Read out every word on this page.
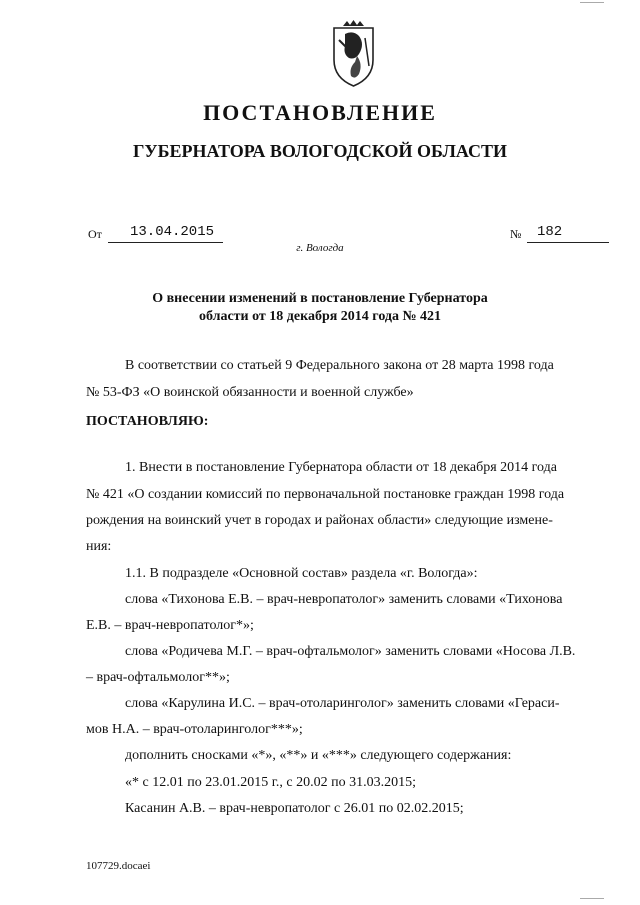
ПОСТАНОВЛЕНИЕ
ГУБЕРНАТОРА ВОЛОГОДСКОЙ ОБЛАСТИ
От 13.04.2015	№ 182
г. Вологда
О внесении изменений в постановление Губернатора
области от 18 декабря 2014 года № 421
В соответствии со статьей 9 Федерального закона от 28 марта 1998 года
№ 53-ФЗ «О воинской обязанности и военной службе»
ПОСТАНОВЛЯЮ:
1. Внести в постановление Губернатора области от 18 декабря 2014 года
№ 421 «О создании комиссий по первоначальной постановке граждан 1998 года
рождения на воинский учет в городах и районах области» следующие измене-
ния:
1.1. В подразделе «Основной состав» раздела «г. Вологда»:
слова «Тихонова Е.В. – врач-невропатолог» заменить словами «Тихонова
Е.В. – врач-невропатолог*»;
слова «Родичева М.Г. – врач-офтальмолог» заменить словами «Носова Л.В.
– врач-офтальмолог**»;
слова «Карулина И.С. – врач-отоларинголог» заменить словами «Гераси-
мов Н.А. – врач-отоларинголог***»;
дополнить сносками «*», «**» и «***» следующего содержания:
«* с 12.01 по 23.01.2015 г., с 20.02 по 31.03.2015;
Касанин А.В. – врач-невропатолог с 26.01 по 02.02.2015;
107729.docaei
